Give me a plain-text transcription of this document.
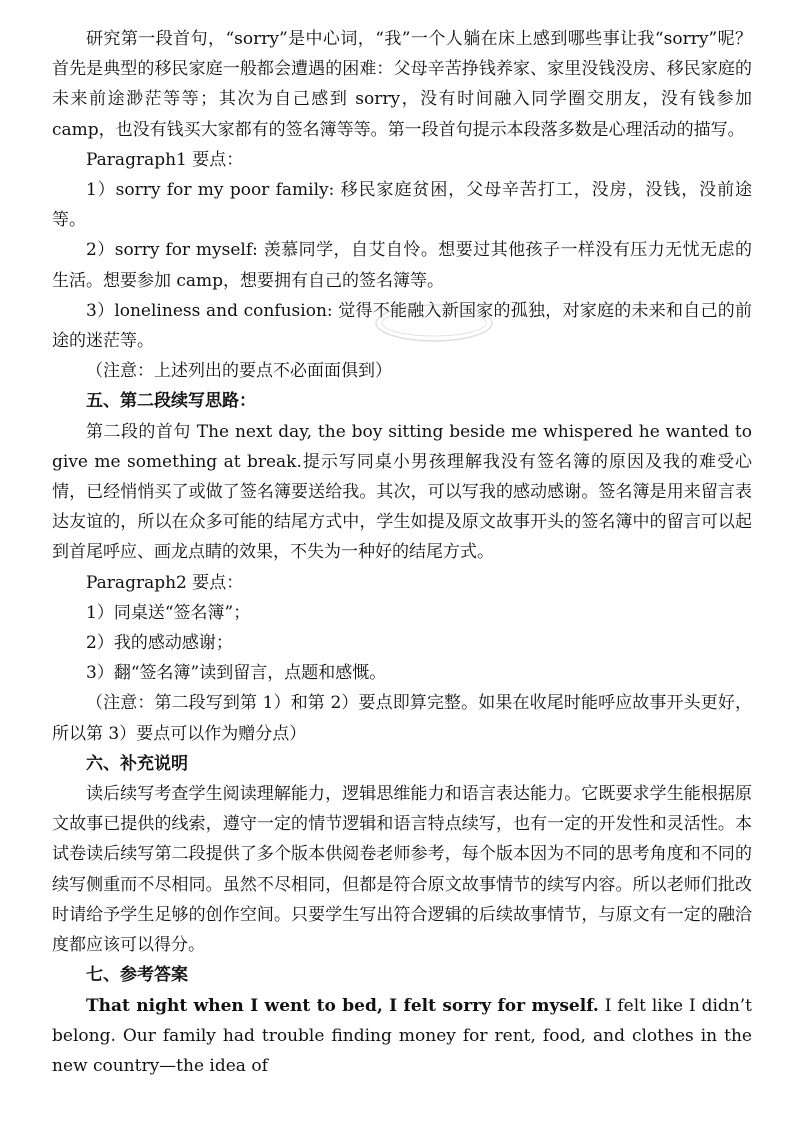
研究第一段首句，“sorry”是中心词，“我”一个人躺在床上感到哪些事让我“sorry”呢？首先是典型的移民家庭一般都会遭遇的困难：父母辛苦挣钱养家、家里没钱没房、移民家庭的未来前途渺茫等等；其次为自己感到 sorry，没有时间融入同学圈交朋友，没有钱参加 camp，也没有钱买大家都有的签名簿等等。第一段首句提示本段落多数是心理活动的描写。

Paragraph1 要点：

1）sorry for my poor family: 移民家庭贫困，父母辛苦打工，没房，没钱，没前途等。

2）sorry for myself: 羡慕同学，自艾自怜。想要过其他孩子一样没有压力无忧无虑的生活。想要参加 camp，想要拥有自己的签名簿等。

3）loneliness and confusion: 觉得不能融入新国家的孤独，对家庭的未来和自己的前途的迷茫等。

（注意：上述列出的要点不必面面俱到）

五、第二段续写思路：

第二段的首句 The next day, the boy sitting beside me whispered he wanted to give me something at break.提示写同桌小男孩理解我没有签名簿的原因及我的难受心情，已经悄悄买了或做了签名簿要送给我。其次，可以写我的感动感谢。签名簿是用来留言表达友谊的，所以在众多可能的结尾方式中，学生如提及原文故事开头的签名簿中的留言可以起到首尾呼应、画龙点睛的效果，不失为一种好的结尾方式。

Paragraph2 要点：

1）同桌送“签名簿”；

2）我的感动感谢；

3）翻“签名簿”读到留言，点题和感慨。

（注意：第二段写到第 1）和第 2）要点即算完整。如果在收尾时能呼应故事开头更好，所以第 3）要点可以作为赠分点）

六、补充说明

读后续写考查学生阅读理解能力，逻辑思维能力和语言表达能力。它既要求学生能根据原文故事已提供的线索，遵守一定的情节逻辑和语言特点续写，也有一定的开发性和灵活性。本试卷读后续写第二段提供了多个版本供阅卷老师参考，每个版本因为不同的思考角度和不同的续写侧重而不尽相同。虽然不尽相同，但都是符合原文故事情节的续写内容。所以老师们批改时请给予学生足够的创作空间。只要学生写出符合逻辑的后续故事情节，与原文有一定的融洽度都应该可以得分。

七、参考答案

That night when I went to bed, I felt sorry for myself. I felt like I didn’t belong. Our family had trouble finding money for rent, food, and clothes in the new country—the idea of
